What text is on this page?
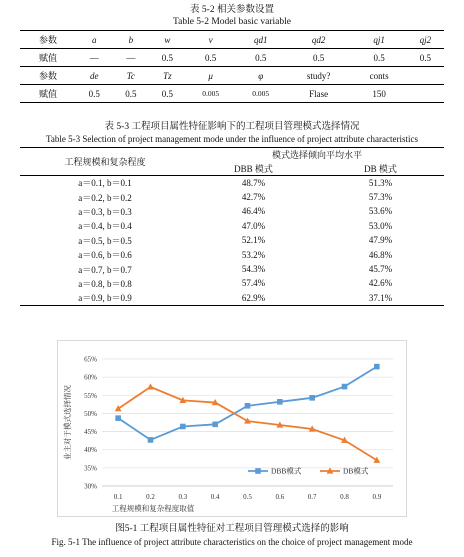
表 5-2 相关参数设置
Table 5-2 Model basic variable
参数	a	b	w	v	qd1	qd2	qj1	qj2
赋值	—	—	0.5	0.5	0.5	0.5	0.5	0.5
参数	de	Tc	Tz	μ	φ	study?	conts	
赋值	0.5	0.5	0.5	0.005	0.005	Flase	150	
表 5-3 工程项目属性特征影响下的工程项目管理模式选择情况
Table 5-3 Selection of project management mode under the influence of project attribute characteristics
工程规模和复杂程度	模式选择倾向平均水平	
	DBB 模式	DB 模式
a＝0.1, b＝0.1	48.7%	51.3%
a＝0.2, b＝0.2	42.7%	57.3%
a＝0.3, b＝0.3	46.4%	53.6%
a＝0.4, b＝0.4	47.0%	53.0%
a＝0.5, b＝0.5	52.1%	47.9%
a＝0.6, b＝0.6	53.2%	46.8%
a＝0.7, b＝0.7	54.3%	45.7%
a＝0.8, b＝0.8	57.4%	42.6%
a＝0.9, b＝0.9	62.9%	37.1%
30%
35%
40%
45%
50%
55%
60%
65%
0.1	0.2	0.3	0.4	0.5	0.6	0.7	0.8	0.9
工程规模和复杂程度取值
业主对于模式选择情况
DBB模式	DB模式
图5-1 工程项目属性特征对工程项目管理模式选择的影响
Fig. 5-1 The influence of project attribute characteristics on the choice of project management mode
